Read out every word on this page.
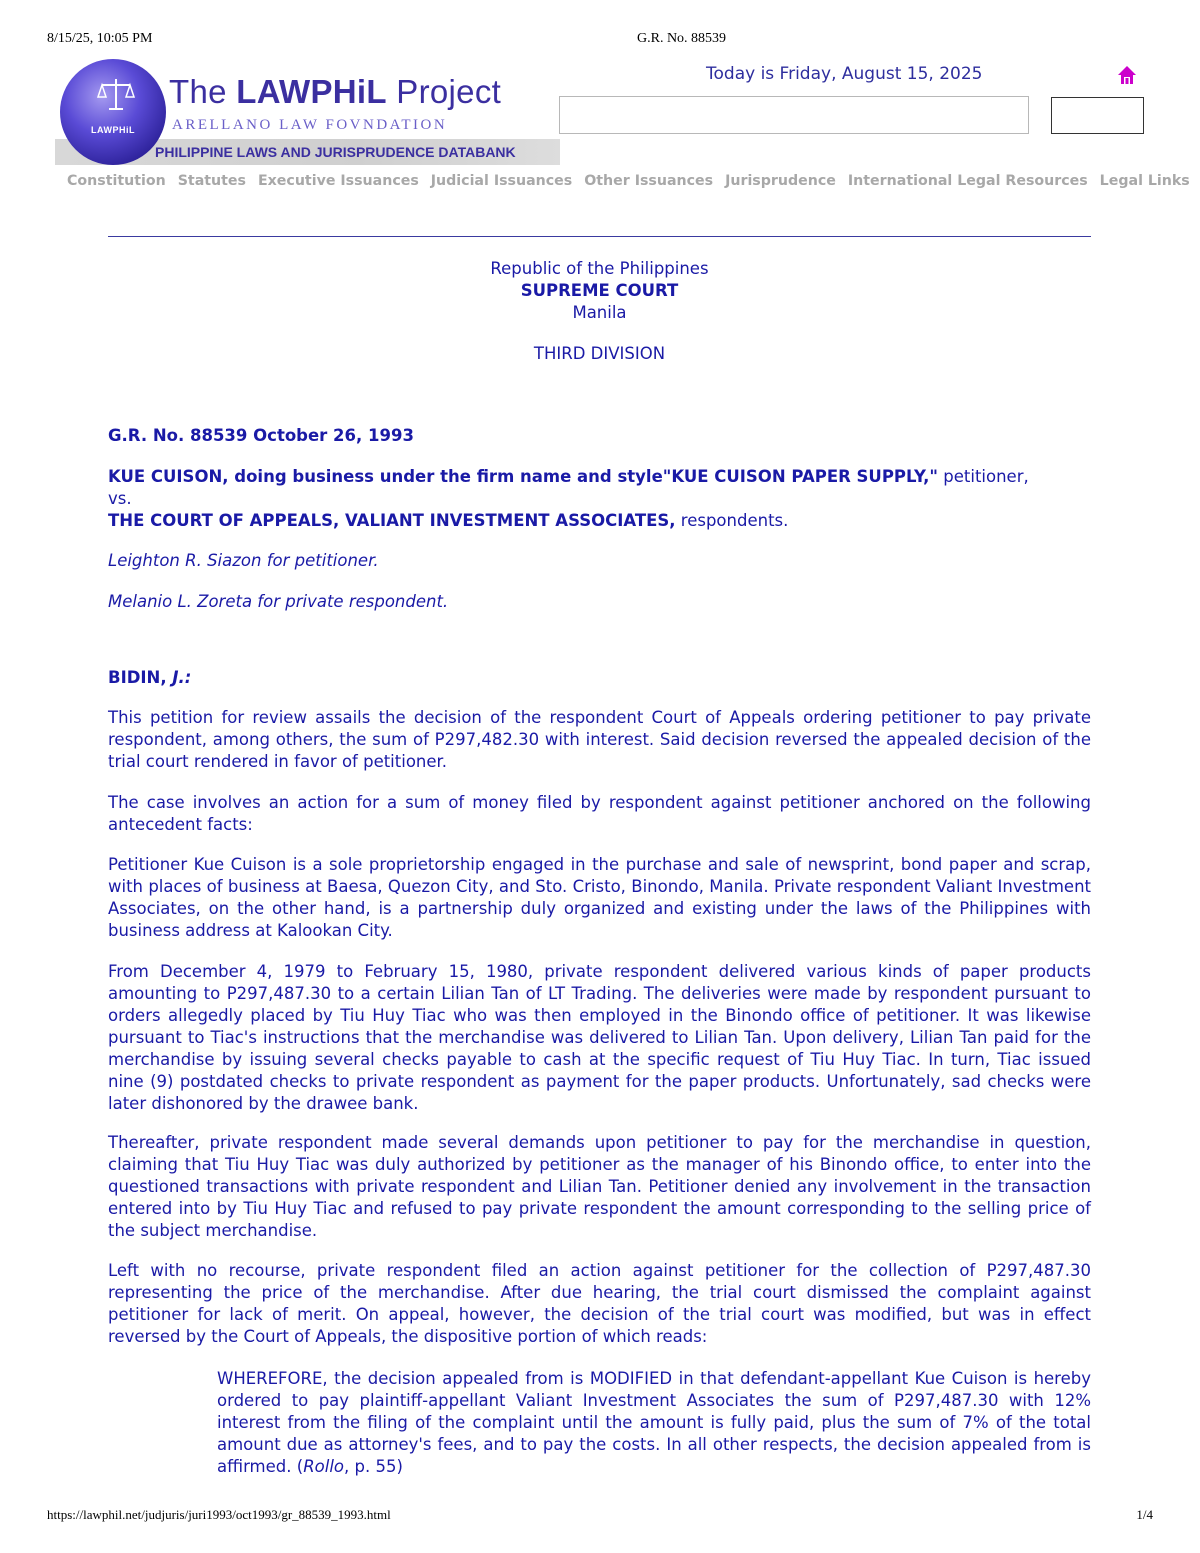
8/15/25, 10:05 PM	G.R. No. 88539
PHILIPPINE LAWS AND JURISPRUDENCE DATABANK
LAWPHiL
The LAWPHiL Project
ARELLANO LAW FOVNDATION
Today is Friday, August 15, 2025
Constitution Statutes Executive Issuances Judicial Issuances Other Issuances Jurisprudence International Legal Resources Legal Links
Republic of the Philippines
SUPREME COURT
Manila
THIRD DIVISION
G.R. No. 88539 October 26, 1993
KUE CUISON, doing business under the firm name and style"KUE CUISON PAPER SUPPLY," petitioner,
vs.
THE COURT OF APPEALS, VALIANT INVESTMENT ASSOCIATES, respondents.
Leighton R. Siazon for petitioner.
Melanio L. Zoreta for private respondent.
BIDIN, J.:
This petition for review assails the decision of the respondent Court of Appeals ordering petitioner to pay private respondent, among others, the sum of P297,482.30 with interest. Said decision reversed the appealed decision of the trial court rendered in favor of petitioner.
The case involves an action for a sum of money filed by respondent against petitioner anchored on the following antecedent facts:
Petitioner Kue Cuison is a sole proprietorship engaged in the purchase and sale of newsprint, bond paper and scrap, with places of business at Baesa, Quezon City, and Sto. Cristo, Binondo, Manila. Private respondent Valiant Investment Associates, on the other hand, is a partnership duly organized and existing under the laws of the Philippines with business address at Kalookan City.
From December 4, 1979 to February 15, 1980, private respondent delivered various kinds of paper products amounting to P297,487.30 to a certain Lilian Tan of LT Trading. The deliveries were made by respondent pursuant to orders allegedly placed by Tiu Huy Tiac who was then employed in the Binondo office of petitioner. It was likewise pursuant to Tiac's instructions that the merchandise was delivered to Lilian Tan. Upon delivery, Lilian Tan paid for the merchandise by issuing several checks payable to cash at the specific request of Tiu Huy Tiac. In turn, Tiac issued nine (9) postdated checks to private respondent as payment for the paper products. Unfortunately, sad checks were later dishonored by the drawee bank.
Thereafter, private respondent made several demands upon petitioner to pay for the merchandise in question, claiming that Tiu Huy Tiac was duly authorized by petitioner as the manager of his Binondo office, to enter into the questioned transactions with private respondent and Lilian Tan. Petitioner denied any involvement in the transaction entered into by Tiu Huy Tiac and refused to pay private respondent the amount corresponding to the selling price of the subject merchandise.
Left with no recourse, private respondent filed an action against petitioner for the collection of P297,487.30 representing the price of the merchandise. After due hearing, the trial court dismissed the complaint against petitioner for lack of merit. On appeal, however, the decision of the trial court was modified, but was in effect reversed by the Court of Appeals, the dispositive portion of which reads:
WHEREFORE, the decision appealed from is MODIFIED in that defendant-appellant Kue Cuison is hereby ordered to pay plaintiff-appellant Valiant Investment Associates the sum of P297,487.30 with 12% interest from the filing of the complaint until the amount is fully paid, plus the sum of 7% of the total amount due as attorney's fees, and to pay the costs. In all other respects, the decision appealed from is affirmed. (Rollo, p. 55)
https://lawphil.net/judjuris/juri1993/oct1993/gr_88539_1993.html	1/4
